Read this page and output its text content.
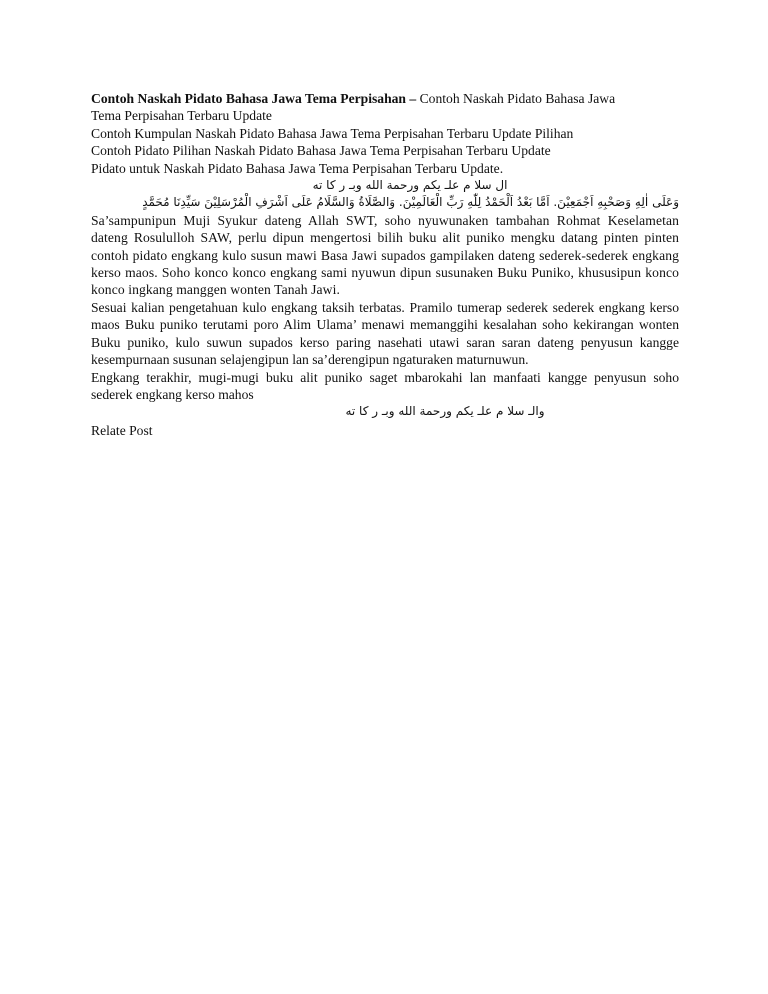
Contoh Naskah Pidato Bahasa Jawa Tema Perpisahan – Contoh Naskah Pidato Bahasa Jawa
Tema Perpisahan Terbaru Update
Contoh Kumpulan Naskah Pidato Bahasa Jawa Tema Perpisahan Terbaru Update Pilihan
Contoh Pidato Pilihan Naskah Pidato Bahasa Jawa Tema Perpisahan Terbaru Update
Pidato untuk Naskah Pidato Bahasa Jawa Tema Perpisahan Terbaru Update.
ال سلا م علـ يكم ورحمة الله وبـ ر كا ته
وَعَلَى اٰلِهِ وَصَحْبِهِ اَجْمَعِيْنَ. اَمَّا بَعْدُ اَلْحَمْدُ لِلّٰهِ رَبِّ الْعَالَمِيْنَ. وَالصَّلَاةُ وَالسَّلَامُ عَلَى اَشْرَفِ الْمُرْسَلِيْنَ سَيِّدِنَا مُحَمَّدٍ

Sa’sampunipun Muji Syukur dateng Allah SWT, soho nyuwunaken tambahan Rohmat Keselametan dateng Rosululloh SAW, perlu dipun mengertosi bilih buku alit puniko mengku datang pinten pinten contoh pidato engkang kulo susun mawi Basa Jawi supados gampilaken dateng sederek-sederek engkang kerso maos. Soho konco konco engkang sami nyuwun dipun susunaken Buku Puniko, khususipun konco konco ingkang manggen wonten Tanah Jawi.

Sesuai kalian pengetahuan kulo engkang taksih terbatas. Pramilo tumerap sederek sederek engkang kerso maos Buku puniko terutami poro Alim Ulama’ menawi memanggihi kesalahan soho kekirangan wonten Buku puniko, kulo suwun supados kerso paring nasehati utawi saran saran dateng penyusun kangge kesempurnaan susunan selajengipun lan sa’derengipun ngaturaken maturnuwun.

Engkang terakhir, mugi-mugi buku alit puniko saget mbarokahi lan manfaati kangge penyusun soho sederek engkang kerso mahos

والـ سلا م علـ يكم ورحمة الله وبـ ر كا ته
Relate Post
